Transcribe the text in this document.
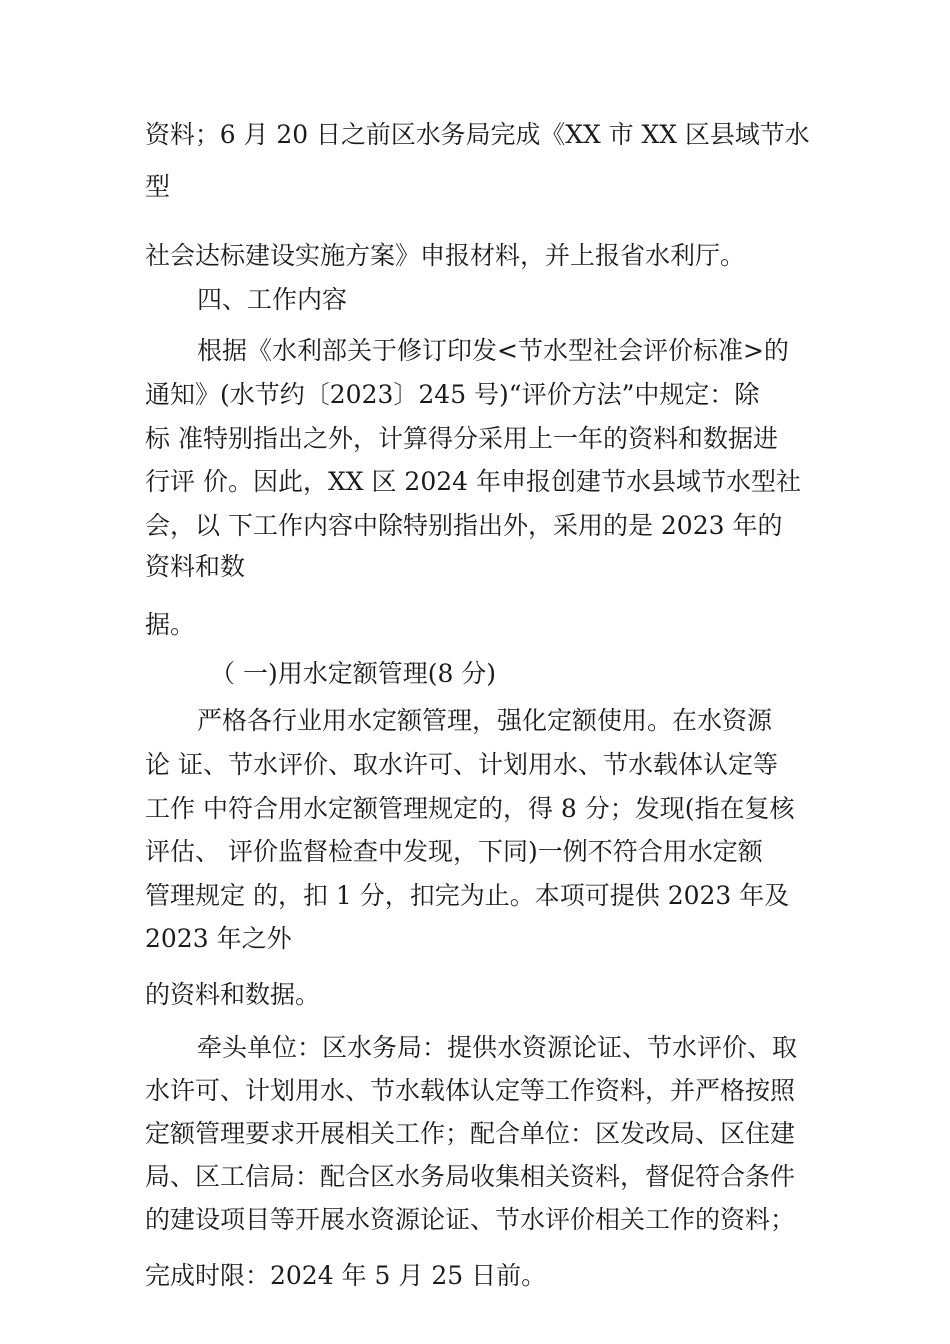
资料；6 月 20 日之前区水务局完成《XX 市 XX 区县域节水
型
社会达标建设实施方案》申报材料，并上报省水利厅。
四、工作内容
根据《水利部关于修订印发<节水型社会评价标准>的
通知》(水节约〔2023〕245 号)“评价方法”中规定：除
标 准特别指出之外，计算得分采用上一年的资料和数据进
行评 价。因此，XX 区 2024 年申报创建节水县域节水型社
会，以 下工作内容中除特别指出外，采用的是 2023 年的
资料和数
据。
（ 一)用水定额管理(8 分)
严格各行业用水定额管理，强化定额使用。在水资源
论 证、节水评价、取水许可、计划用水、节水载体认定等
工作 中符合用水定额管理规定的，得 8 分；发现(指在复核
评估、 评价监督检查中发现，下同)一例不符合用水定额
管理规定 的，扣 1 分，扣完为止。本项可提供 2023 年及
2023 年之外
的资料和数据。
牵头单位：区水务局：提供水资源论证、节水评价、取
水许可、计划用水、节水载体认定等工作资料，并严格按照
定额管理要求开展相关工作；配合单位：区发改局、区住建
局、区工信局：配合区水务局收集相关资料，督促符合条件
的建设项目等开展水资源论证、节水评价相关工作的资料；
完成时限：2024 年 5 月 25 日前。
